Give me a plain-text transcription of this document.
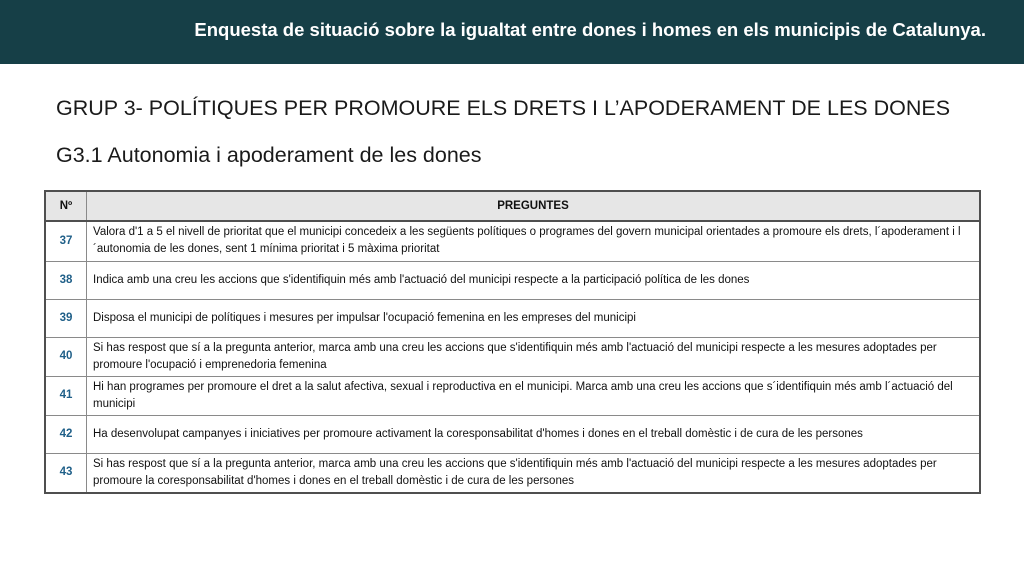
Enquesta de situació sobre la igualtat entre dones i homes en els municipis de Catalunya.
GRUP 3- POLÍTIQUES PER PROMOURE ELS DRETS I L’APODERAMENT DE LES DONES
G3.1 Autonomia i apoderament de les dones
Nº	PREGUNTES
37	Valora d'1 a 5 el nivell de prioritat que el municipi concedeix a les següents polítiques o programes del govern municipal orientades a promoure els drets, l´apoderament i l´autonomia de les dones, sent 1 mínima prioritat i 5 màxima prioritat
38	Indica amb una creu les accions que s'identifiquin més amb l'actuació del municipi respecte a la participació política de les dones
39	Disposa el municipi de polítiques i mesures per impulsar l'ocupació femenina en les empreses del municipi
40	Si has respost que sí a la pregunta anterior, marca amb una creu les accions que s'identifiquin més amb l'actuació del municipi respecte a les mesures adoptades per promoure l'ocupació i emprenedoria femenina
41	Hi han programes per promoure el dret a la salut afectiva, sexual i reproductiva en el municipi. Marca amb una creu les accions que s´identifiquin més amb l´actuació del municipi
42	Ha desenvolupat campanyes i iniciatives per promoure activament la coresponsabilitat d'homes i dones en el treball domèstic i de cura de les persones
43	Si has respost que sí a la pregunta anterior, marca amb una creu les accions que s'identifiquin més amb l'actuació del municipi respecte a les mesures adoptades per promoure la coresponsabilitat d'homes i dones en el treball domèstic i de cura de les persones
